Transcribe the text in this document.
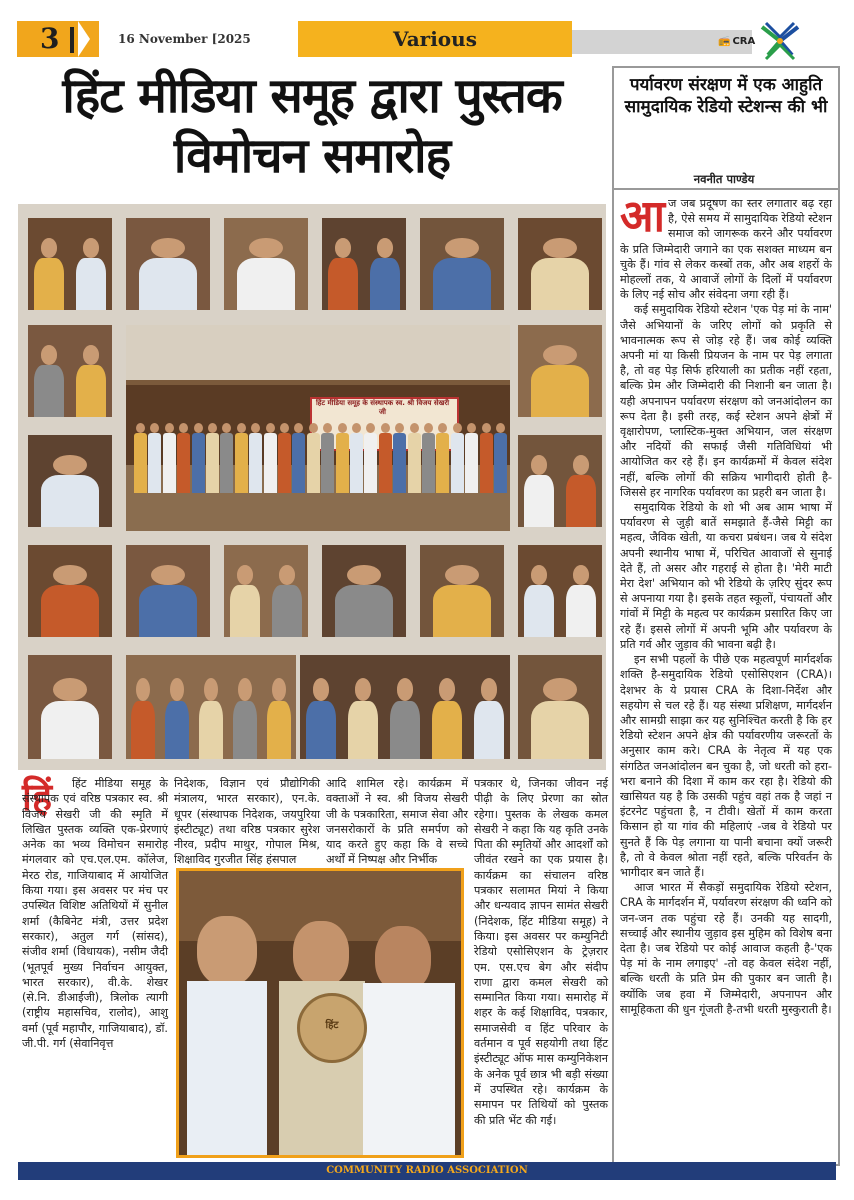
3	16 November [2025	Various	📻 CRA
हिंट मीडिया समूह द्वारा पुस्तक विमोचन समारोह
हिंट मीडिया समूह के संस्थापक स्व. श्री विजय सेखरी जी
हिं	हिंट मीडिया समूह के संस्थापक एवं वरिष्ठ पत्रकार स्व. श्री विजय सेखरी जी की स्मृति में लिखित पुस्तक व्यक्ति एक-प्रेरणाएं अनेक का भव्य विमोचन समारोह मंगलवार को एच.एल.एम. कॉलेज, मेरठ रोड, गाजियाबाद में आयोजित किया गया। इस अवसर पर मंच पर उपस्थित विशिष्ट अतिथियों में सुनील शर्मा (कैबिनेट मंत्री, उत्तर प्रदेश सरकार), अतुल गर्ग (सांसद), संजीव शर्मा (विधायक), नसीम जैदी (भूतपूर्व मुख्य निर्वाचन आयुक्त, भारत सरकार), वी.के. शेखर (से.नि. डीआईजी), त्रिलोक त्यागी (राष्ट्रीय महासचिव, रालोद), आशु वर्मा (पूर्व महापौर, गाजियाबाद), डॉ. जी.पी. गर्ग (सेवानिवृत्त
निदेशक, विज्ञान एवं प्रौद्योगिकी मंत्रालय, भारत सरकार), एन.के. धूपर (संस्थापक निदेशक, जयपुरिया इंस्टीट्यूट) तथा वरिष्ठ पत्रकार सुरेश नीरव, प्रदीप माथुर, गोपाल मिश्र, शिक्षाविद गुरजीत सिंह हंसपाल
आदि शामिल रहे। कार्यक्रम में वक्ताओं ने स्व. श्री विजय सेखरी जी के पत्रकारिता, समाज सेवा और जनसरोकारों के प्रति समर्पण को याद करते हुए कहा कि वे सच्चे अर्थों में निष्पक्ष और निर्भीक
पत्रकार थे, जिनका जीवन नई पीढ़ी के लिए प्रेरणा का स्रोत रहेगा। पुस्तक के लेखक कमल सेखरी ने कहा कि यह कृति उनके पिता की स्मृतियों और आदर्शों को जीवंत रखने का एक प्रयास है। कार्यक्रम का संचालन वरिष्ठ पत्रकार सलामत मियां ने किया और धन्यवाद ज्ञापन सामंत सेखरी (निदेशक, हिंट मीडिया समूह) ने किया। इस अवसर पर कम्युनिटी रेडियो एसोसिएशन के ट्रेज़रार एम. एस.एच बेग और संदीप राणा द्वारा कमल सेखरी को सम्मानित किया गया। समारोह में शहर के कई शिक्षाविद, पत्रकार, समाजसेवी व हिंट परिवार के वर्तमान व पूर्व सहयोगी तथा हिंट इंस्टीट्यूट ऑफ मास कम्युनिकेशन के अनेक पूर्व छात्र भी बड़ी संख्या में उपस्थित रहे। कार्यक्रम के समापन पर तिथियों को पुस्तक की प्रति भेंट की गई।
हिंट
पर्यावरण संरक्षण में एक आहुति सामुदायिक रेडियो स्टेशन्स की भी
नवनीत पाण्डेय
आ ज जब प्रदूषण का स्तर लगातार बढ़ रहा है, ऐसे समय में सामुदायिक रेडियो स्टेशन समाज को जागरूक करने और पर्यावरण के प्रति जिम्मेदारी जगाने का एक सशक्त माध्यम बन चुके हैं। गांव से लेकर कस्बों तक, और अब शहरों के मोहल्लों तक, ये आवाजें लोगों के दिलों में पर्यावरण के लिए नई सोच और संवेदना जगा रही हैं।

कई समुदायिक रेडियो स्टेशन 'एक पेड़ मां के नाम' जैसे अभियानों के जरिए लोगों को प्रकृति से भावनात्मक रूप से जोड़ रहे हैं। जब कोई व्यक्ति अपनी मां या किसी प्रियजन के नाम पर पेड़ लगाता है, तो वह पेड़ सिर्फ हरियाली का प्रतीक नहीं रहता, बल्कि प्रेम और जिम्मेदारी की निशानी बन जाता है। यही अपनापन पर्यावरण संरक्षण को जनआंदोलन का रूप देता है। इसी तरह, कई स्टेशन अपने क्षेत्रों में वृक्षारोपण, प्लास्टिक-मुक्त अभियान, जल संरक्षण और नदियों की सफाई जैसी गतिविधियां भी आयोजित कर रहे हैं। इन कार्यक्रमों में केवल संदेश नहीं, बल्कि लोगों की सक्रिय भागीदारी होती है-जिससे हर नागरिक पर्यावरण का प्रहरी बन जाता है।

समुदायिक रेडियो के शो भी अब आम भाषा में पर्यावरण से जुड़ी बातें समझाते हैं-जैसे मिट्टी का महत्व, जैविक खेती, या कचरा प्रबंधन। जब ये संदेश अपनी स्थानीय भाषा में, परिचित आवाजों से सुनाई देते हैं, तो असर और गहराई से होता है। 'मेरी माटी मेरा देश' अभियान को भी रेडियो के ज़रिए सुंदर रूप से अपनाया गया है। इसके तहत स्कूलों, पंचायतों और गांवों में मिट्टी के महत्व पर कार्यक्रम प्रसारित किए जा रहे हैं। इससे लोगों में अपनी भूमि और पर्यावरण के प्रति गर्व और जुड़ाव की भावना बढ़ी है।

इन सभी पहलों के पीछे एक महत्वपूर्ण मार्गदर्शक शक्ति है-समुदायिक रेडियो एसोसिएशन (CRA)। देशभर के ये प्रयास CRA के दिशा-निर्देश और सहयोग से चल रहे हैं। यह संस्था प्रशिक्षण, मार्गदर्शन और सामग्री साझा कर यह सुनिश्चित करती है कि हर रेडियो स्टेशन अपने क्षेत्र की पर्यावरणीय जरूरतों के अनुसार काम करे। CRA के नेतृत्व में यह एक संगठित जनआंदोलन बन चुका है, जो धरती को हरा-भरा बनाने की दिशा में काम कर रहा है। रेडियो की खासियत यह है कि उसकी पहुंच वहां तक है जहां न इंटरनेट पहुंचता है, न टीवी। खेतों में काम करता किसान हो या गांव की महिलाएं -जब वे रेडियो पर सुनते हैं कि पेड़ लगाना या पानी बचाना क्यों जरूरी है, तो वे केवल श्रोता नहीं रहते, बल्कि परिवर्तन के भागीदार बन जाते हैं।

आज भारत में सैकड़ों समुदायिक रेडियो स्टेशन, CRA के मार्गदर्शन में, पर्यावरण संरक्षण की ध्वनि को जन-जन तक पहुंचा रहे हैं। उनकी यह सादगी, सच्चाई और स्थानीय जुड़ाव इस मुहिम को विशेष बना देता है। जब रेडियो पर कोई आवाज कहती है-'एक पेड़ मां के नाम लगाइए' -तो वह केवल संदेश नहीं, बल्कि धरती के प्रति प्रेम की पुकार बन जाती है। क्योंकि जब हवा में जिम्मेदारी, अपनापन और सामूहिकता की धुन गूंजती है-तभी धरती मुस्कुराती है।

COMMUNITY RADIO ASSOCIATION
